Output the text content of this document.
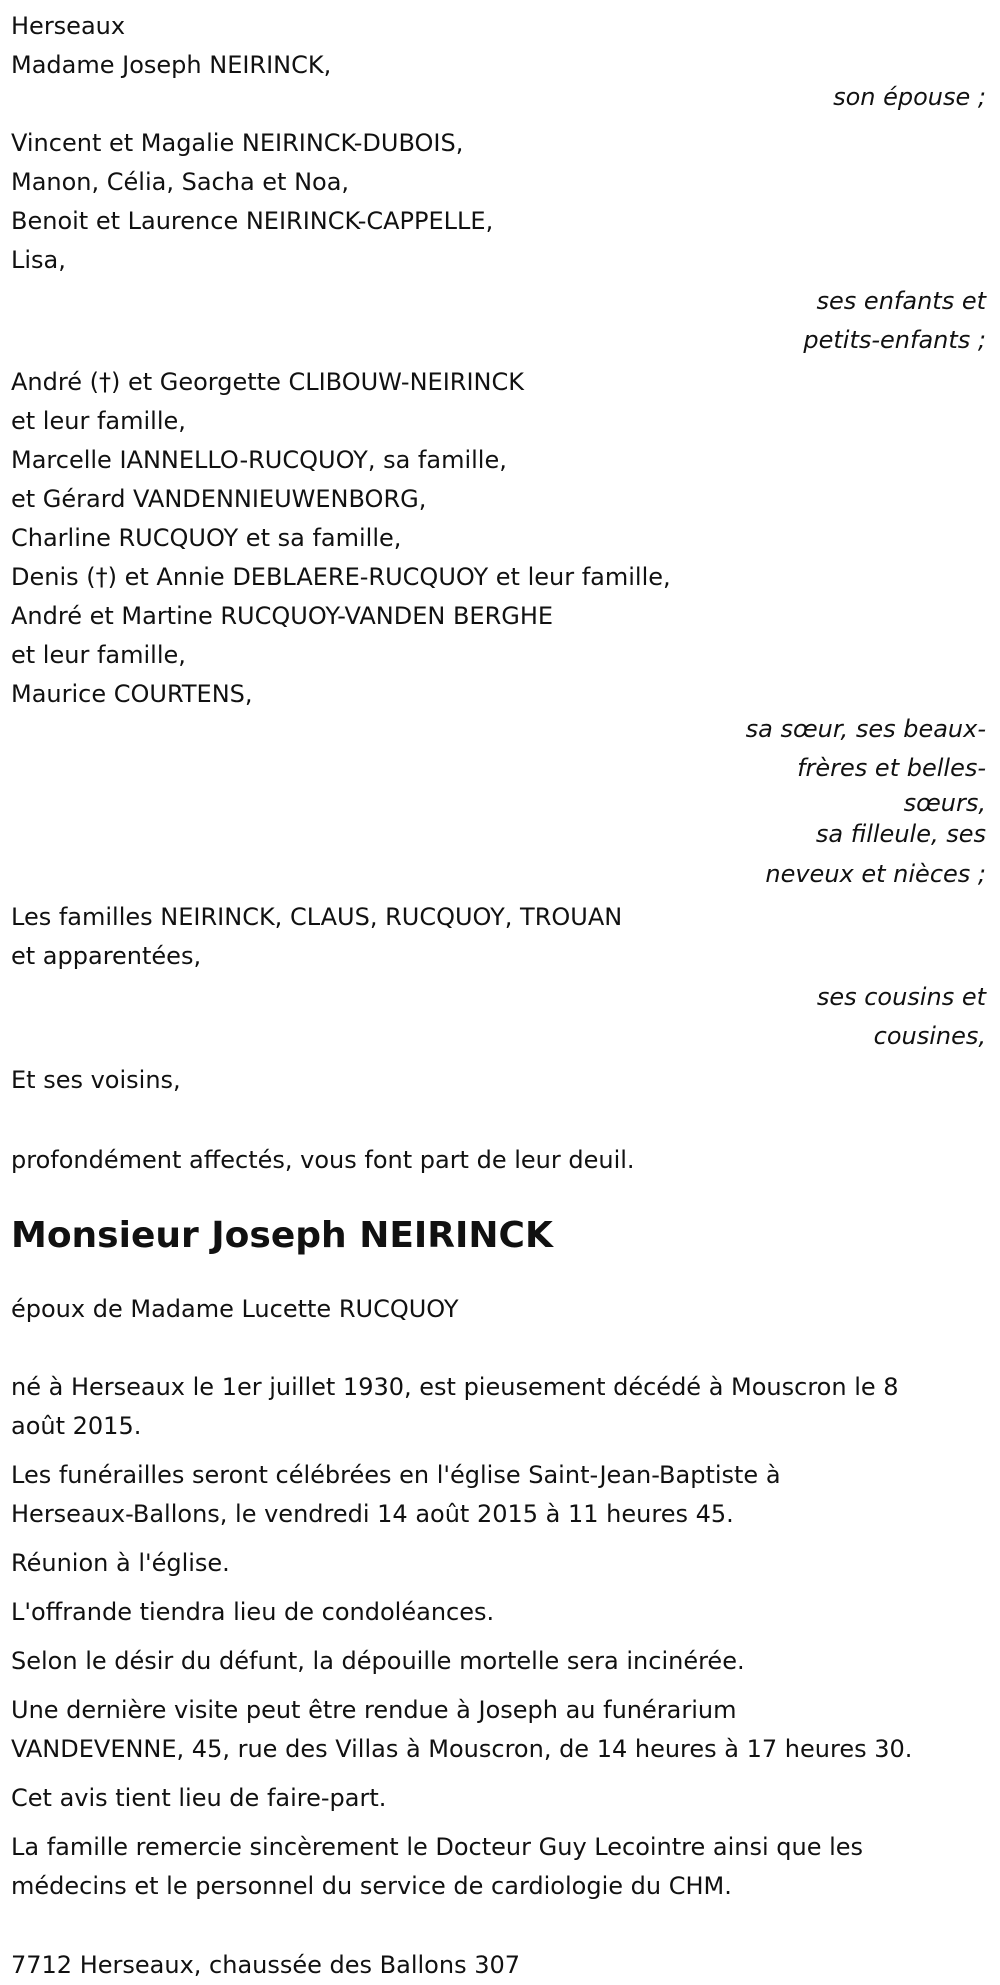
Herseaux
Madame Joseph NEIRINCK,
son épouse ;
Vincent et Magalie NEIRINCK-DUBOIS,
Manon, Célia, Sacha et Noa,
Benoit et Laurence NEIRINCK-CAPPELLE,
Lisa,
ses enfants et
petits-enfants ;
André (†) et Georgette CLIBOUW-NEIRINCK
et leur famille,
Marcelle IANNELLO-RUCQUOY, sa famille,
et Gérard VANDENNIEUWENBORG,
Charline RUCQUOY et sa famille,
Denis (†) et Annie DEBLAERE-RUCQUOY et leur famille,
André et Martine RUCQUOY-VANDEN BERGHE
et leur famille,
Maurice COURTENS,
sa sœur, ses beaux-
frères et belles-
sœurs,
sa filleule, ses
neveux et nièces ;
Les familles NEIRINCK, CLAUS, RUCQUOY, TROUAN
et apparentées,
ses cousins et
cousines,
Et ses voisins,
profondément affectés, vous font part de leur deuil.
Monsieur Joseph NEIRINCK
époux de Madame Lucette RUCQUOY
né à Herseaux le 1er juillet 1930, est pieusement décédé à Mouscron le 8
août 2015.
Les funérailles seront célébrées en l'église Saint-Jean-Baptiste à
Herseaux-Ballons, le vendredi 14 août 2015 à 11 heures 45.
Réunion à l'église.
L'offrande tiendra lieu de condoléances.
Selon le désir du défunt, la dépouille mortelle sera incinérée.
Une dernière visite peut être rendue à Joseph au funérarium
VANDEVENNE, 45, rue des Villas à Mouscron, de 14 heures à 17 heures 30.
Cet avis tient lieu de faire-part.
La famille remercie sincèrement le Docteur Guy Lecointre ainsi que les
médecins et le personnel du service de cardiologie du CHM.
7712 Herseaux, chaussée des Ballons 307
